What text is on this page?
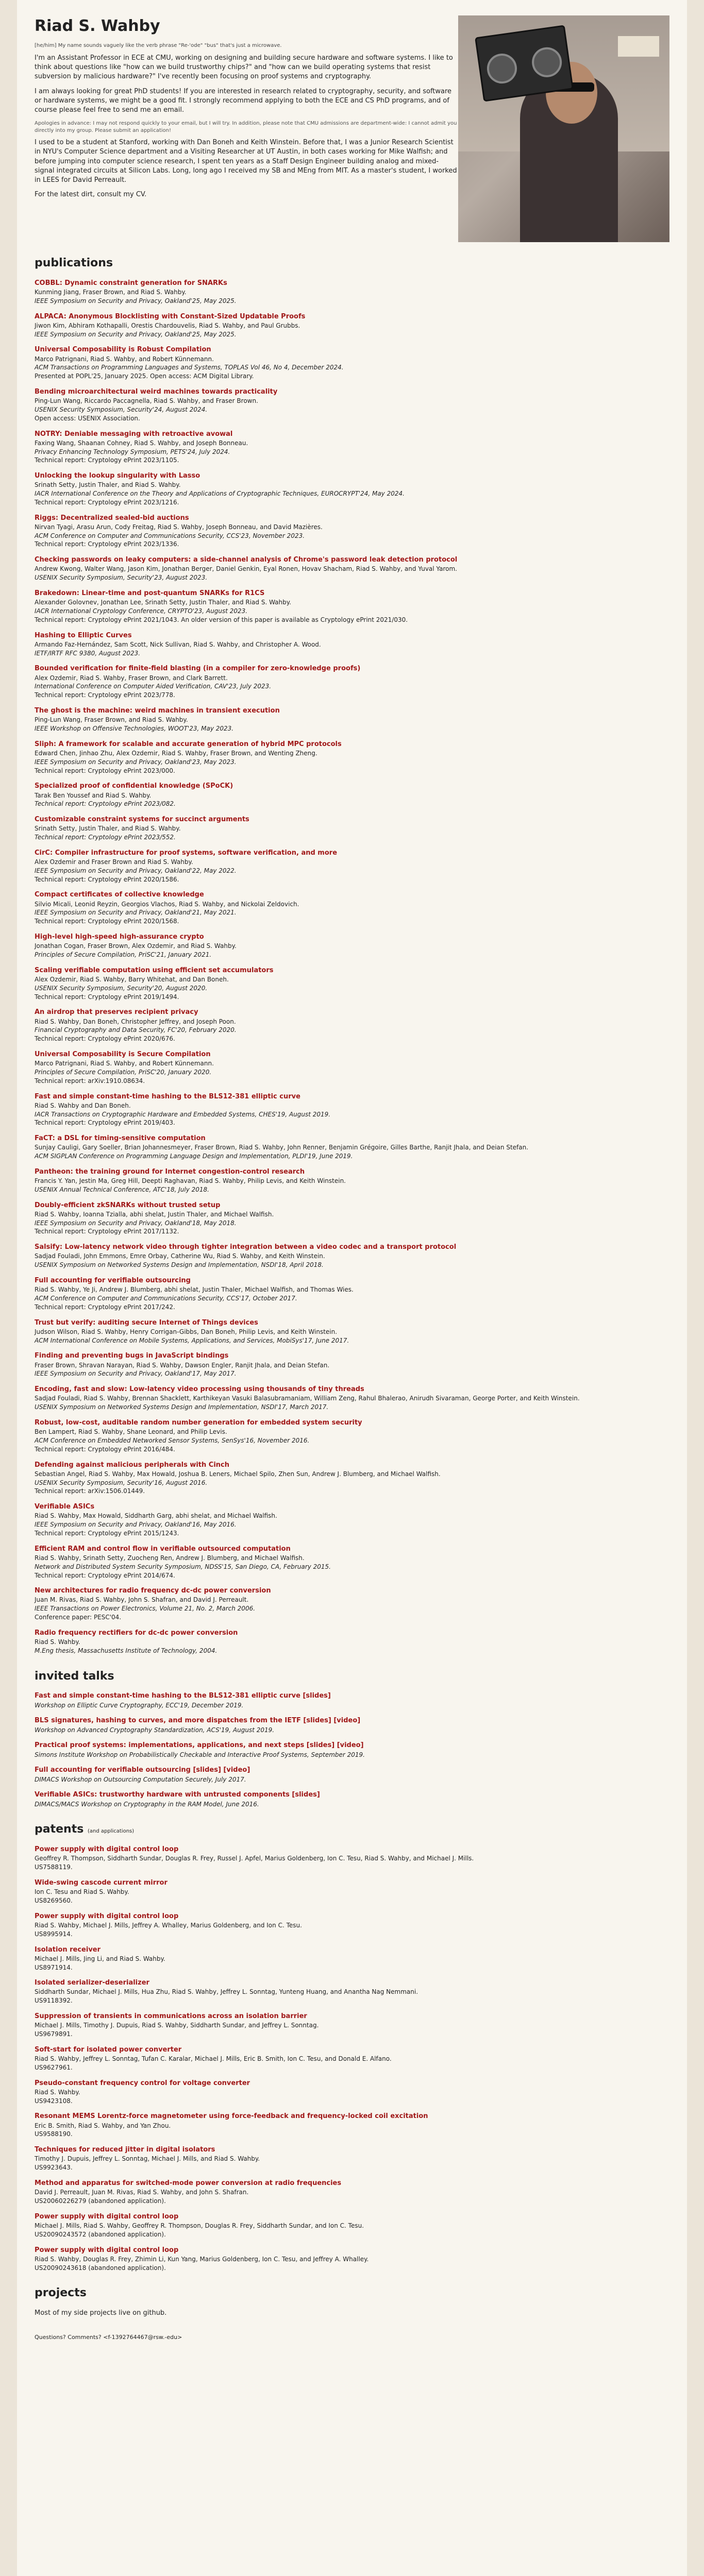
Riad S. Wahby
[he/him] My name sounds vaguely like the verb phrase "Re-'ode" "bus" that's just a microwave.

I'm an Assistant Professor in ECE at CMU, working on designing and building secure hardware and software systems. I like to think about questions like "how can we build trustworthy chips?" and "how can we build operating systems that resist subversion by malicious hardware?" I've recently been focusing on proof systems and cryptography.

I am always looking for great PhD students! If you are interested in research related to cryptography, security, and software or hardware systems, we might be a good fit. I strongly recommend applying to both the ECE and CS PhD programs, and of course please feel free to send me an email.

Apologies in advance: I may not respond quickly to your email, but I will try. In addition, please note that CMU admissions are department-wide: I cannot admit you directly into my group. Please submit an application!

I used to be a student at Stanford, working with Dan Boneh and Keith Winstein. Before that, I was a Junior Research Scientist in NYU's Computer Science department and a Visiting Researcher at UT Austin, in both cases working for Mike Walfish; and before jumping into computer science research, I spent ten years as a Staff Design Engineer building analog and mixed-signal integrated circuits at Silicon Labs. Long, long ago I received my SB and MEng from MIT. As a master's student, I worked in LEES for David Perreault.

For the latest dirt, consult my CV.

publications
COBBL: Dynamic constraint generation for SNARKs
Kunming Jiang, Fraser Brown, and Riad S. Wahby.
IEEE Symposium on Security and Privacy, Oakland'25, May 2025.
ALPACA: Anonymous Blocklisting with Constant-Sized Updatable Proofs
Jiwon Kim, Abhiram Kothapalli, Orestis Chardouvelis, Riad S. Wahby, and Paul Grubbs.
IEEE Symposium on Security and Privacy, Oakland'25, May 2025.
Universal Composability is Robust Compilation
Marco Patrignani, Riad S. Wahby, and Robert Künnemann.
ACM Transactions on Programming Languages and Systems, TOPLAS Vol 46, No 4, December 2024.
Presented at POPL'25, January 2025. Open access: ACM Digital Library.
Bending microarchitectural weird machines towards practicality
Ping-Lun Wang, Riccardo Paccagnella, Riad S. Wahby, and Fraser Brown.
USENIX Security Symposium, Security'24, August 2024.
Open access: USENIX Association.
NOTRY: Deniable messaging with retroactive avowal
Faxing Wang, Shaanan Cohney, Riad S. Wahby, and Joseph Bonneau.
Privacy Enhancing Technology Symposium, PETS'24, July 2024.
Technical report: Cryptology ePrint 2023/1105.
Unlocking the lookup singularity with Lasso
Srinath Setty, Justin Thaler, and Riad S. Wahby.
IACR International Conference on the Theory and Applications of Cryptographic Techniques, EUROCRYPT'24, May 2024.
Technical report: Cryptology ePrint 2023/1216.
Riggs: Decentralized sealed-bid auctions
Nirvan Tyagi, Arasu Arun, Cody Freitag, Riad S. Wahby, Joseph Bonneau, and David Mazières.
ACM Conference on Computer and Communications Security, CCS'23, November 2023.
Technical report: Cryptology ePrint 2023/1336.
Checking passwords on leaky computers: a side-channel analysis of Chrome's password leak detection protocol
Andrew Kwong, Walter Wang, Jason Kim, Jonathan Berger, Daniel Genkin, Eyal Ronen, Hovav Shacham, Riad S. Wahby, and Yuval Yarom.
USENIX Security Symposium, Security'23, August 2023.
Brakedown: Linear-time and post-quantum SNARKs for R1CS
Alexander Golovnev, Jonathan Lee, Srinath Setty, Justin Thaler, and Riad S. Wahby.
IACR International Cryptology Conference, CRYPTO'23, August 2023.
Technical report: Cryptology ePrint 2021/1043. An older version of this paper is available as Cryptology ePrint 2021/030.
Hashing to Elliptic Curves
Armando Faz-Hernández, Sam Scott, Nick Sullivan, Riad S. Wahby, and Christopher A. Wood.
IETF/IRTF RFC 9380, August 2023.
Bounded verification for finite-field blasting (in a compiler for zero-knowledge proofs)
Alex Ozdemir, Riad S. Wahby, Fraser Brown, and Clark Barrett.
International Conference on Computer Aided Verification, CAV'23, July 2023.
Technical report: Cryptology ePrint 2023/778.
The ghost is the machine: weird machines in transient execution
Ping-Lun Wang, Fraser Brown, and Riad S. Wahby.
IEEE Workshop on Offensive Technologies, WOOT'23, May 2023.
Sliph: A framework for scalable and accurate generation of hybrid MPC protocols
Edward Chen, Jinhao Zhu, Alex Ozdemir, Riad S. Wahby, Fraser Brown, and Wenting Zheng.
IEEE Symposium on Security and Privacy, Oakland'23, May 2023.
Technical report: Cryptology ePrint 2023/000.
Specialized proof of confidential knowledge (SPoCK)
Tarak Ben Youssef and Riad S. Wahby.
Technical report: Cryptology ePrint 2023/082.
Customizable constraint systems for succinct arguments
Srinath Setty, Justin Thaler, and Riad S. Wahby.
Technical report: Cryptology ePrint 2023/552.
CirC: Compiler infrastructure for proof systems, software verification, and more
Alex Ozdemir and Fraser Brown and Riad S. Wahby.
IEEE Symposium on Security and Privacy, Oakland'22, May 2022.
Technical report: Cryptology ePrint 2020/1586.
Compact certificates of collective knowledge
Silvio Micali, Leonid Reyzin, Georgios Vlachos, Riad S. Wahby, and Nickolai Zeldovich.
IEEE Symposium on Security and Privacy, Oakland'21, May 2021.
Technical report: Cryptology ePrint 2020/1568.
High-level high-speed high-assurance crypto
Jonathan Cogan, Fraser Brown, Alex Ozdemir, and Riad S. Wahby.
Principles of Secure Compilation, PriSC'21, January 2021.
Scaling verifiable computation using efficient set accumulators
Alex Ozdemir, Riad S. Wahby, Barry Whitehat, and Dan Boneh.
USENIX Security Symposium, Security'20, August 2020.
Technical report: Cryptology ePrint 2019/1494.
An airdrop that preserves recipient privacy
Riad S. Wahby, Dan Boneh, Christopher Jeffrey, and Joseph Poon.
Financial Cryptography and Data Security, FC'20, February 2020.
Technical report: Cryptology ePrint 2020/676.
Universal Composability is Secure Compilation
Marco Patrignani, Riad S. Wahby, and Robert Künnemann.
Principles of Secure Compilation, PriSC'20, January 2020.
Technical report: arXiv:1910.08634.
Fast and simple constant-time hashing to the BLS12-381 elliptic curve
Riad S. Wahby and Dan Boneh.
IACR Transactions on Cryptographic Hardware and Embedded Systems, CHES'19, August 2019.
Technical report: Cryptology ePrint 2019/403.
FaCT: a DSL for timing-sensitive computation
Sunjay Cauligi, Gary Soeller, Brian Johannesmeyer, Fraser Brown, Riad S. Wahby, John Renner, Benjamin Grégoire, Gilles Barthe, Ranjit Jhala, and Deian Stefan.
ACM SIGPLAN Conference on Programming Language Design and Implementation, PLDI'19, June 2019.
Pantheon: the training ground for Internet congestion-control research
Francis Y. Yan, Jestin Ma, Greg Hill, Deepti Raghavan, Riad S. Wahby, Philip Levis, and Keith Winstein.
USENIX Annual Technical Conference, ATC'18, July 2018.
Doubly-efficient zkSNARKs without trusted setup
Riad S. Wahby, Ioanna Tzialla, abhi shelat, Justin Thaler, and Michael Walfish.
IEEE Symposium on Security and Privacy, Oakland'18, May 2018.
Technical report: Cryptology ePrint 2017/1132.
Salsify: Low-latency network video through tighter integration between a video codec and a transport protocol
Sadjad Fouladi, John Emmons, Emre Orbay, Catherine Wu, Riad S. Wahby, and Keith Winstein.
USENIX Symposium on Networked Systems Design and Implementation, NSDI'18, April 2018.
Full accounting for verifiable outsourcing
Riad S. Wahby, Ye Ji, Andrew J. Blumberg, abhi shelat, Justin Thaler, Michael Walfish, and Thomas Wies.
ACM Conference on Computer and Communications Security, CCS'17, October 2017.
Technical report: Cryptology ePrint 2017/242.
Trust but verify: auditing secure Internet of Things devices
Judson Wilson, Riad S. Wahby, Henry Corrigan-Gibbs, Dan Boneh, Philip Levis, and Keith Winstein.
ACM International Conference on Mobile Systems, Applications, and Services, MobiSys'17, June 2017.
Finding and preventing bugs in JavaScript bindings
Fraser Brown, Shravan Narayan, Riad S. Wahby, Dawson Engler, Ranjit Jhala, and Deian Stefan.
IEEE Symposium on Security and Privacy, Oakland'17, May 2017.
Encoding, fast and slow: Low-latency video processing using thousands of tiny threads
Sadjad Fouladi, Riad S. Wahby, Brennan Shacklett, Karthikeyan Vasuki Balasubramaniam, William Zeng, Rahul Bhalerao, Anirudh Sivaraman, George Porter, and Keith Winstein.
USENIX Symposium on Networked Systems Design and Implementation, NSDI'17, March 2017.
Robust, low-cost, auditable random number generation for embedded system security
Ben Lampert, Riad S. Wahby, Shane Leonard, and Philip Levis.
ACM Conference on Embedded Networked Sensor Systems, SenSys'16, November 2016.
Technical report: Cryptology ePrint 2016/484.
Defending against malicious peripherals with Cinch
Sebastian Angel, Riad S. Wahby, Max Howald, Joshua B. Leners, Michael Spilo, Zhen Sun, Andrew J. Blumberg, and Michael Walfish.
USENIX Security Symposium, Security'16, August 2016.
Technical report: arXiv:1506.01449.
Verifiable ASICs
Riad S. Wahby, Max Howald, Siddharth Garg, abhi shelat, and Michael Walfish.
IEEE Symposium on Security and Privacy, Oakland'16, May 2016.
Technical report: Cryptology ePrint 2015/1243.
Efficient RAM and control flow in verifiable outsourced computation
Riad S. Wahby, Srinath Setty, Zuocheng Ren, Andrew J. Blumberg, and Michael Walfish.
Network and Distributed System Security Symposium, NDSS'15, San Diego, CA, February 2015.
Technical report: Cryptology ePrint 2014/674.
New architectures for radio frequency dc-dc power conversion
Juan M. Rivas, Riad S. Wahby, John S. Shafran, and David J. Perreault.
IEEE Transactions on Power Electronics, Volume 21, No. 2, March 2006.
Conference paper: PESC'04.
Radio frequency rectifiers for dc-dc power conversion
Riad S. Wahby.
M.Eng thesis, Massachusetts Institute of Technology, 2004.
invited talks
Fast and simple constant-time hashing to the BLS12-381 elliptic curve [slides]
Workshop on Elliptic Curve Cryptography, ECC'19, December 2019.
BLS signatures, hashing to curves, and more dispatches from the IETF [slides] [video]
Workshop on Advanced Cryptography Standardization, ACS'19, August 2019.
Practical proof systems: implementations, applications, and next steps [slides] [video]
Simons Institute Workshop on Probabilistically Checkable and Interactive Proof Systems, September 2019.
Full accounting for verifiable outsourcing [slides] [video]
DIMACS Workshop on Outsourcing Computation Securely, July 2017.
Verifiable ASICs: trustworthy hardware with untrusted components [slides]
DIMACS/MACS Workshop on Cryptography in the RAM Model, June 2016.
patents (and applications)
Power supply with digital control loop
Geoffrey R. Thompson, Siddharth Sundar, Douglas R. Frey, Russel J. Apfel, Marius Goldenberg, Ion C. Tesu, Riad S. Wahby, and Michael J. Mills.
US7588119.
Wide-swing cascode current mirror
Ion C. Tesu and Riad S. Wahby.
US8269560.
Power supply with digital control loop
Riad S. Wahby, Michael J. Mills, Jeffrey A. Whalley, Marius Goldenberg, and Ion C. Tesu.
US8995914.
Isolation receiver
Michael J. Mills, Jing Li, and Riad S. Wahby.
US8971914.
Isolated serializer-deserializer
Siddharth Sundar, Michael J. Mills, Hua Zhu, Riad S. Wahby, Jeffrey L. Sonntag, Yunteng Huang, and Anantha Nag Nemmani.
US9118392.
Suppression of transients in communications across an isolation barrier
Michael J. Mills, Timothy J. Dupuis, Riad S. Wahby, Siddharth Sundar, and Jeffrey L. Sonntag.
US9679891.
Soft-start for isolated power converter
Riad S. Wahby, Jeffrey L. Sonntag, Tufan C. Karalar, Michael J. Mills, Eric B. Smith, Ion C. Tesu, and Donald E. Alfano.
US9627961.
Pseudo-constant frequency control for voltage converter
Riad S. Wahby.
US9423108.
Resonant MEMS Lorentz-force magnetometer using force-feedback and frequency-locked coil excitation
Eric B. Smith, Riad S. Wahby, and Yan Zhou.
US9588190.
Techniques for reduced jitter in digital isolators
Timothy J. Dupuis, Jeffrey L. Sonntag, Michael J. Mills, and Riad S. Wahby.
US9923643.
Method and apparatus for switched-mode power conversion at radio frequencies
David J. Perreault, Juan M. Rivas, Riad S. Wahby, and John S. Shafran.
US20060226279 (abandoned application).
Power supply with digital control loop
Michael J. Mills, Riad S. Wahby, Geoffrey R. Thompson, Douglas R. Frey, Siddharth Sundar, and Ion C. Tesu.
US20090243572 (abandoned application).
Power supply with digital control loop
Riad S. Wahby, Douglas R. Frey, Zhimin Li, Kun Yang, Marius Goldenberg, Ion C. Tesu, and Jeffrey A. Whalley.
US20090243618 (abandoned application).
projects

Most of my side projects live on github.

Questions? Comments? <f-1392764467@rsw.-edu>
